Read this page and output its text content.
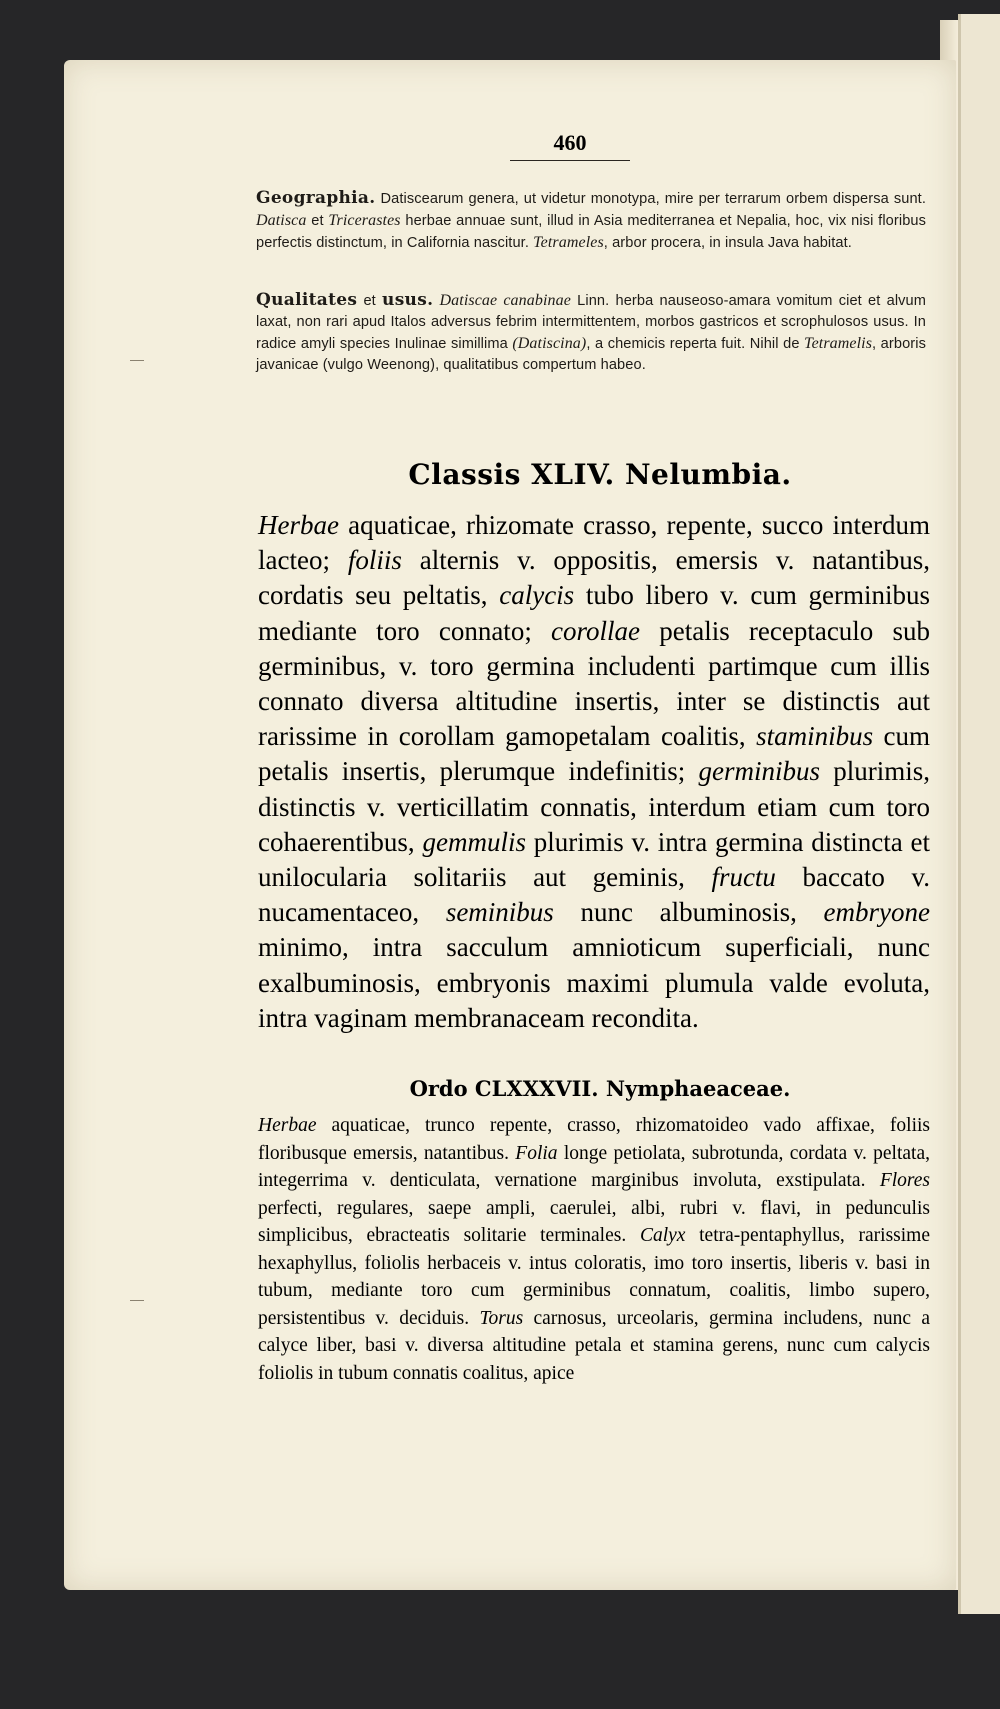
460
Geographia. Datiscearum genera, ut videtur monotypa, mire per terrarum orbem dispersa sunt. Datisca et Tricerastes herbae annuae sunt, illud in Asia mediterranea et Nepalia, hoc, vix nisi floribus perfectis distinctum, in California nascitur. Tetrameles, arbor procera, in insula Java habitat.
Qualitates et usus. Datiscae canabinae Linn. herba nauseoso-amara vomitum ciet et alvum laxat, non rari apud Italos adversus febrim intermittentem, morbos gastricos et scrophulosos usus. In radice amyli species Inulinae simillima (Datiscina), a chemicis reperta fuit. Nihil de Tetramelis, arboris javanicae (vulgo Weenong), qualitatibus compertum habeo.
Classis XLIV. Nelumbia.
Herbae aquaticae, rhizomate crasso, repente, succo interdum lacteo; foliis alternis v. oppositis, emersis v. natantibus, cordatis seu peltatis, calycis tubo libero v. cum germinibus mediante toro connato; corollae petalis receptaculo sub germinibus, v. toro germina includenti partimque cum illis connato diversa altitudine insertis, inter se distinctis aut rarissime in corollam gamopetalam coalitis, staminibus cum petalis insertis, plerumque indefinitis; germinibus plurimis, distinctis v. verticillatim connatis, interdum etiam cum toro cohaerentibus, gemmulis plurimis v. intra germina distincta et unilocularia solitariis aut geminis, fructu baccato v. nucamentaceo, seminibus nunc albuminosis, embryone minimo, intra sacculum amnioticum superficiali, nunc exalbuminosis, embryonis maximi plumula valde evoluta, intra vaginam membranaceam recondita.
Ordo CLXXXVII. Nymphaeaceae.
Herbae aquaticae, trunco repente, crasso, rhizomatoideo vado affixae, foliis floribusque emersis, natantibus. Folia longe petiolata, subrotunda, cordata v. peltata, integerrima v. denticulata, vernatione marginibus involuta, exstipulata. Flores perfecti, regulares, saepe ampli, caerulei, albi, rubri v. flavi, in pedunculis simplicibus, ebracteatis solitarie terminales. Calyx tetra-pentaphyllus, rarissime hexaphyllus, foliolis herbaceis v. intus coloratis, imo toro insertis, liberis v. basi in tubum, mediante toro cum germinibus connatum, coalitis, limbo supero, persistentibus v. deciduis. Torus carnosus, urceolaris, germina includens, nunc a calyce liber, basi v. diversa altitudine petala et stamina gerens, nunc cum calycis foliolis in tubum connatis coalitus, apice
